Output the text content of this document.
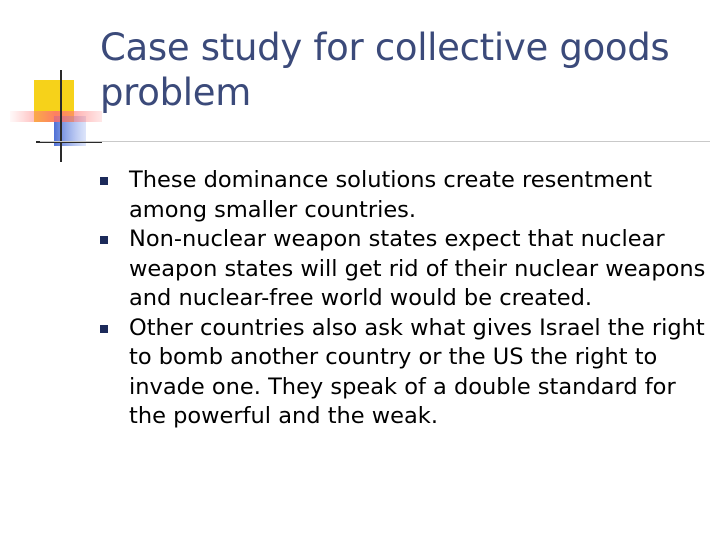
Case study for collective goods problem
These dominance solutions create resentment among smaller countries.
Non-nuclear weapon states expect that nuclear weapon states will get rid of their nuclear weapons and nuclear-free world would be created.
Other countries also ask what gives Israel the right to bomb another country or the US the right to invade one. They speak of a double standard for the powerful and the weak.
